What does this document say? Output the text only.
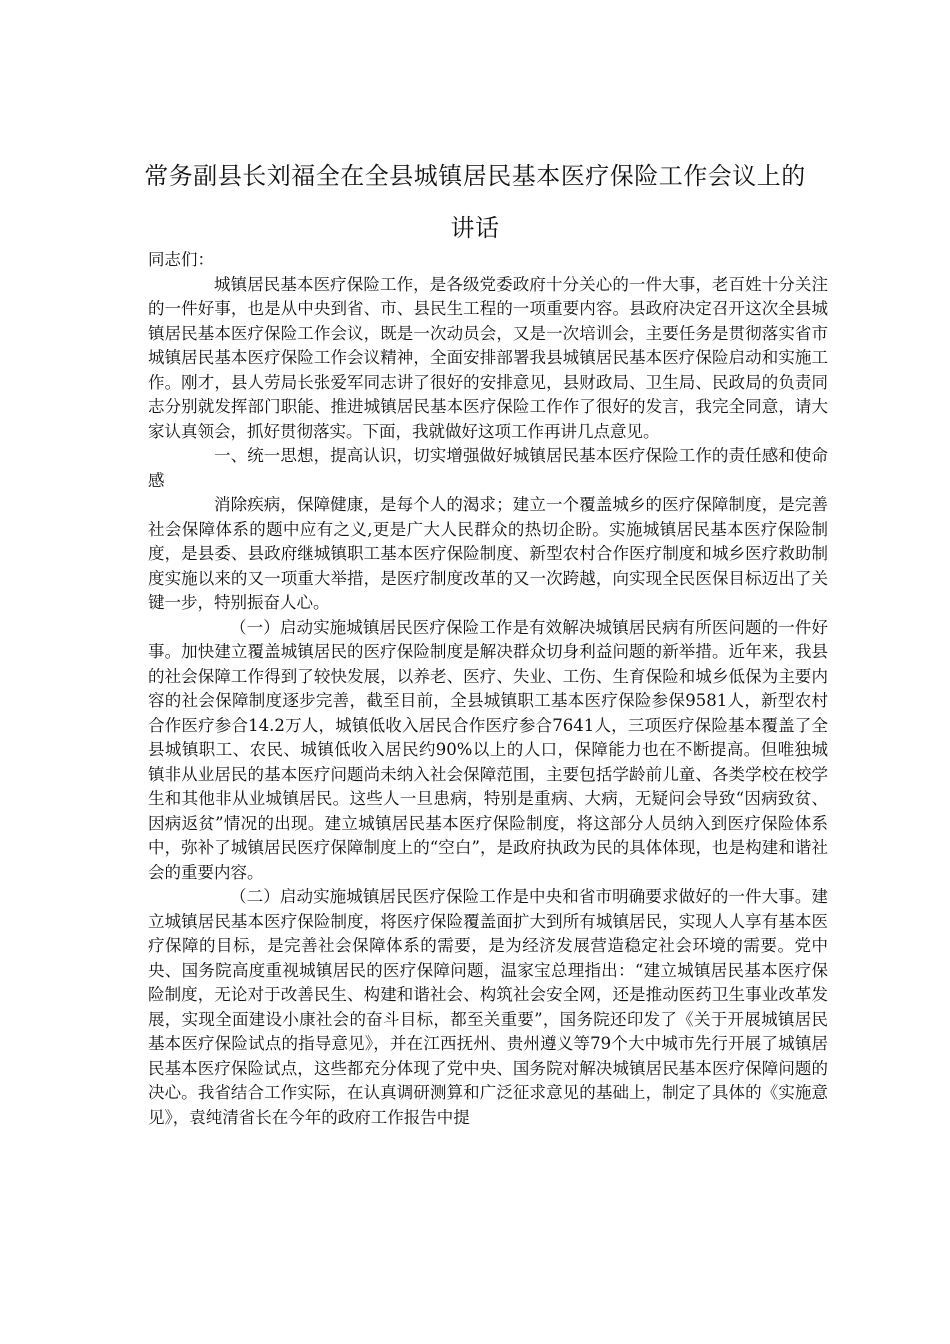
常务副县长刘福全在全县城镇居民基本医疗保险工作会议上的
讲话

同志们：

城镇居民基本医疗保险工作，是各级党委政府十分关心的一件大事，老百姓十分关注的一件好事，也是从中央到省、市、县民生工程的一项重要内容。县政府决定召开这次全县城镇居民基本医疗保险工作会议，既是一次动员会，又是一次培训会，主要任务是贯彻落实省市城镇居民基本医疗保险工作会议精神，全面安排部署我县城镇居民基本医疗保险启动和实施工作。刚才，县人劳局长张爱军同志讲了很好的安排意见，县财政局、卫生局、民政局的负责同志分别就发挥部门职能、推进城镇居民基本医疗保险工作作了很好的发言，我完全同意，请大家认真领会，抓好贯彻落实。下面，我就做好这项工作再讲几点意见。

一、统一思想，提高认识，切实增强做好城镇居民基本医疗保险工作的责任感和使命感

消除疾病，保障健康，是每个人的渴求；建立一个覆盖城乡的医疗保障制度，是完善社会保障体系的题中应有之义,更是广大人民群众的热切企盼。实施城镇居民基本医疗保险制度，是县委、县政府继城镇职工基本医疗保险制度、新型农村合作医疗制度和城乡医疗救助制度实施以来的又一项重大举措，是医疗制度改革的又一次跨越，向实现全民医保目标迈出了关键一步，特别振奋人心。

（一）启动实施城镇居民医疗保险工作是有效解决城镇居民病有所医问题的一件好事。加快建立覆盖城镇居民的医疗保险制度是解决群众切身利益问题的新举措。近年来，我县的社会保障工作得到了较快发展，以养老、医疗、失业、工伤、生育保险和城乡低保为主要内容的社会保障制度逐步完善，截至目前，全县城镇职工基本医疗保险参保9581人，新型农村合作医疗参合14.2万人，城镇低收入居民合作医疗参合7641人，三项医疗保险基本覆盖了全县城镇职工、农民、城镇低收入居民约90%以上的人口，保障能力也在不断提高。但唯独城镇非从业居民的基本医疗问题尚未纳入社会保障范围，主要包括学龄前儿童、各类学校在校学生和其他非从业城镇居民。这些人一旦患病，特别是重病、大病，无疑问会导致“因病致贫、因病返贫”情况的出现。建立城镇居民基本医疗保险制度，将这部分人员纳入到医疗保险体系中，弥补了城镇居民医疗保障制度上的“空白”，是政府执政为民的具体体现，也是构建和谐社会的重要内容。

（二）启动实施城镇居民医疗保险工作是中央和省市明确要求做好的一件大事。建立城镇居民基本医疗保险制度，将医疗保险覆盖面扩大到所有城镇居民，实现人人享有基本医疗保障的目标，是完善社会保障体系的需要，是为经济发展营造稳定社会环境的需要。党中央、国务院高度重视城镇居民的医疗保障问题，温家宝总理指出：“建立城镇居民基本医疗保险制度，无论对于改善民生、构建和谐社会、构筑社会安全网，还是推动医药卫生事业改革发展，实现全面建设小康社会的奋斗目标，都至关重要”，国务院还印发了《关于开展城镇居民基本医疗保险试点的指导意见》，并在江西抚州、贵州遵义等79个大中城市先行开展了城镇居民基本医疗保险试点，这些都充分体现了党中央、国务院对解决城镇居民基本医疗保障问题的决心。我省结合工作实际，在认真调研测算和广泛征求意见的基础上，制定了具体的《实施意见》，袁纯清省长在今年的政府工作报告中提
